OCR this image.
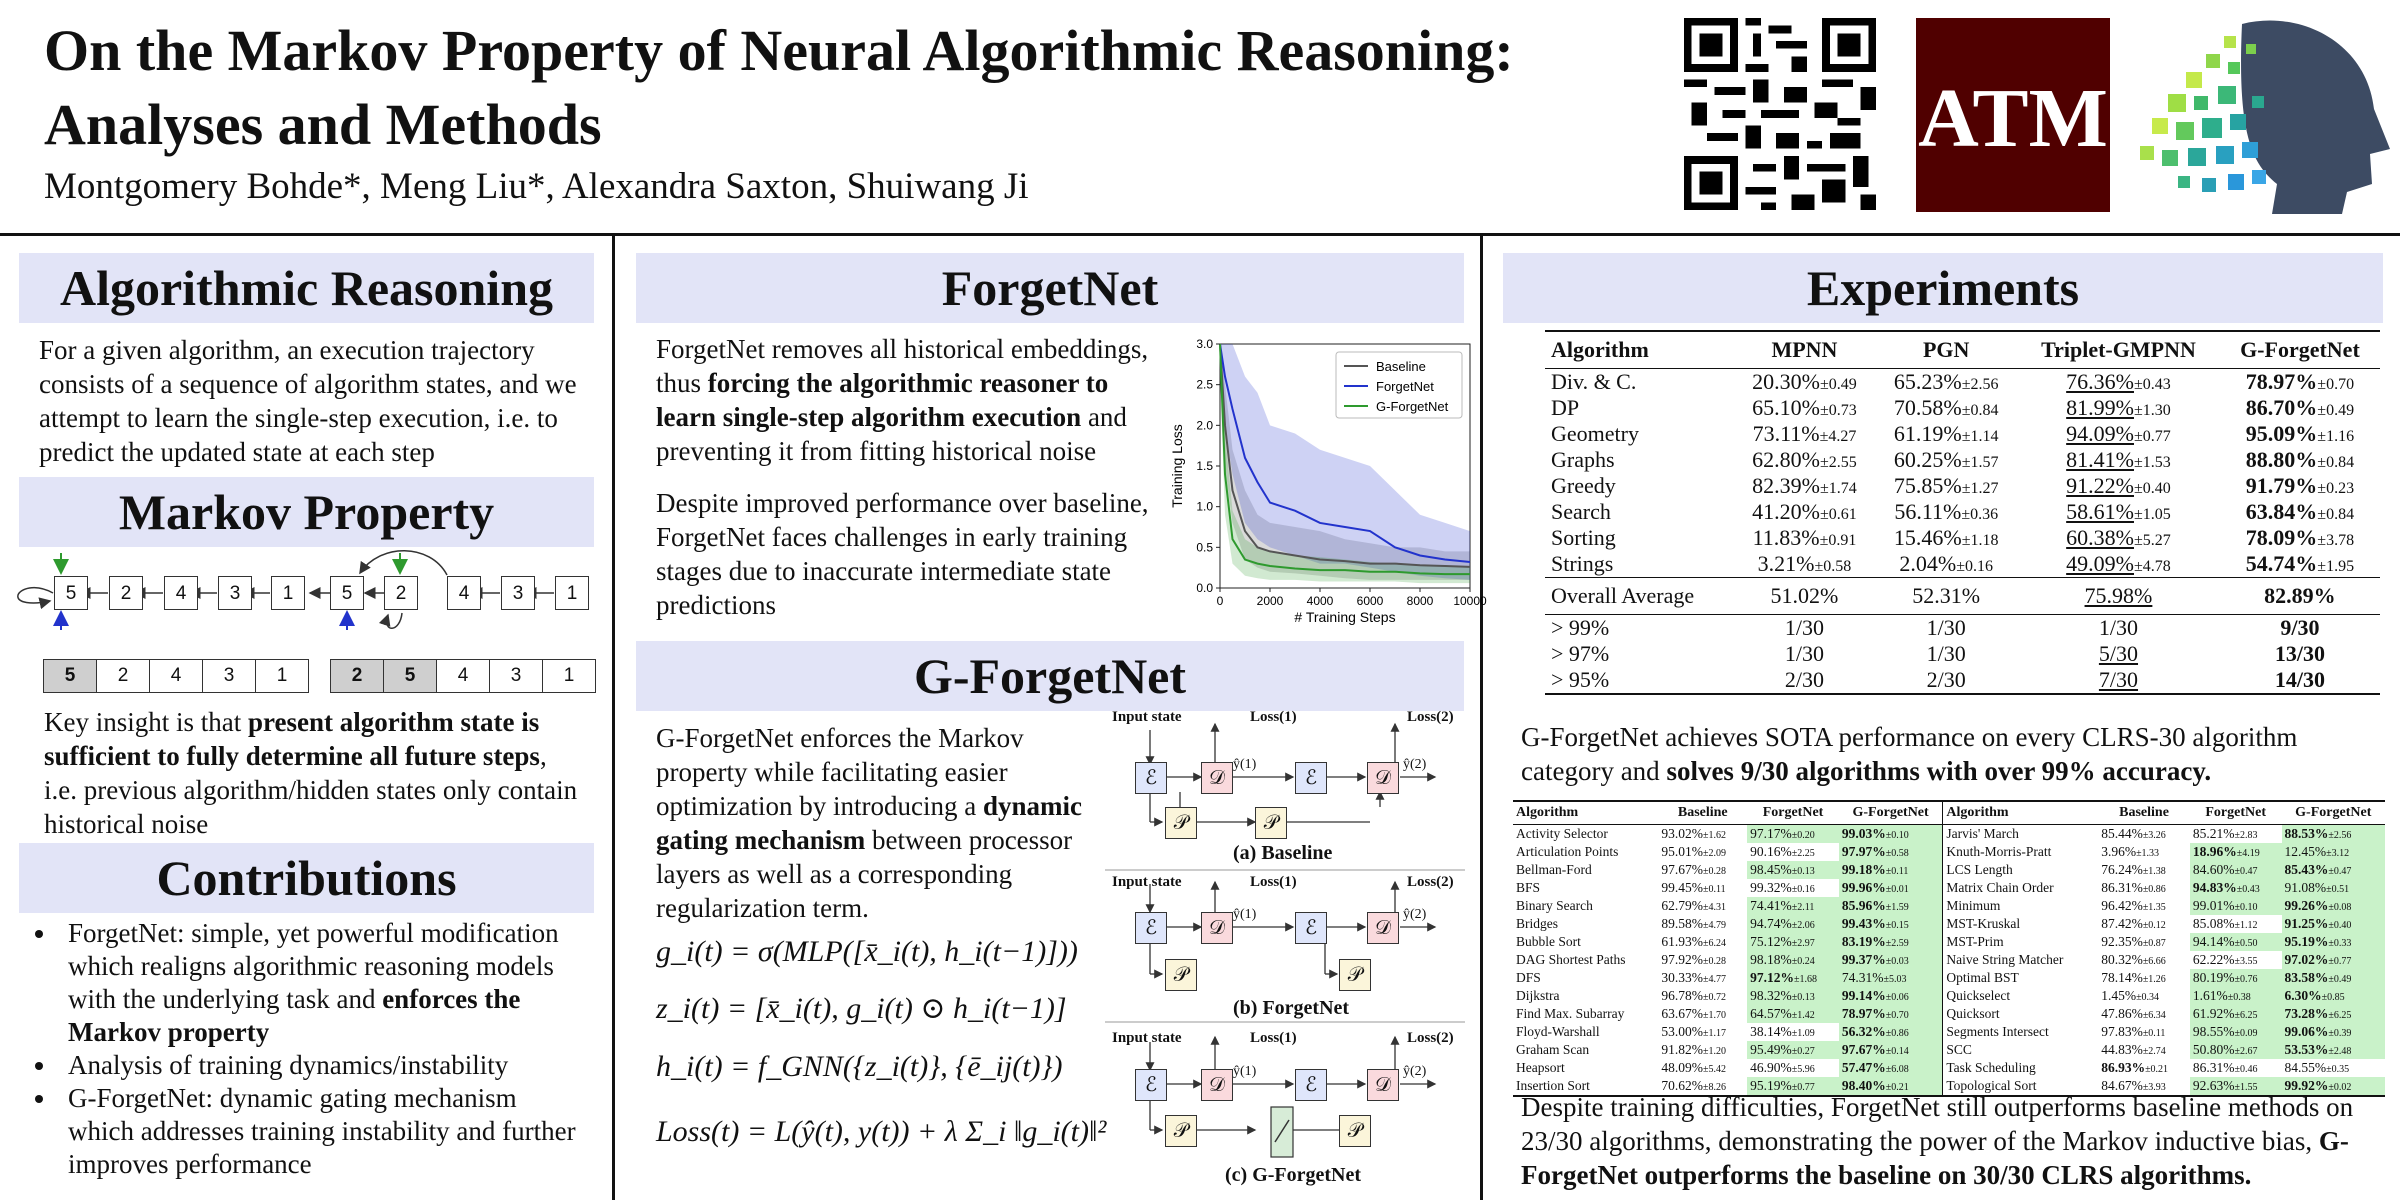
On the Markov Property of Neural Algorithmic Reasoning: Analyses and Methods
Montgomery Bohde*, Meng Liu*, Alexandra Saxton, Shuiwang Ji
ATM
Algorithmic Reasoning
For a given algorithm, an execution trajectory consists of a sequence of algorithm states, and we attempt to learn the single-step execution, i.e. to predict the updated state at each step
Markov Property
5	2	4	3	1	5	2	4	3	1
5	2	4	3	1	2	5	4	3	1
Key insight is that present algorithm state is sufficient to fully determine all future steps, i.e. previous algorithm/hidden states only contain historical noise
Contributions
• ForgetNet: simple, yet powerful modification which realigns algorithmic reasoning models with the underlying task and enforces the Markov property
• Analysis of training dynamics/instability
• G-ForgetNet: dynamic gating mechanism which addresses training instability and further improves performance
ForgetNet
ForgetNet removes all historical embeddings, thus forcing the algorithmic reasoner to learn single-step algorithm execution and preventing it from fitting historical noise
Despite improved performance over baseline, ForgetNet faces challenges in early training stages due to inaccurate intermediate state predictions	0	2000 4000 6000 8000 10000
0.0
0.5
1.0
1.5
2.0
2.5
3.0
# Training Steps
Training Loss
Baseline
ForgetNet
G-ForgetNet
G-ForgetNet
G-ForgetNet enforces the Markov property while facilitating easier optimization by introducing a dynamic gating mechanism between processor layers as well as a corresponding regularization term.
g_i(t) = σ(MLP([x̄_i(t), h_i(t−1)]))
z_i(t) = [x̄_i(t), g_i(t) ⊙ h_i(t−1)]
h_i(t) = f_GNN({z_i(t)}, {ē_ij(t)})
Loss(t) = L(ŷ(t), y(t)) + λ Σ_i ‖g_i(t)‖²
Input state	Loss(1)	Loss(2)
(a) Baseline
Input state	Loss(1)	Loss(2)
(b) ForgetNet
Input state	Loss(1)	Loss(2)
(c) G-ForgetNet
ℰ	𝒟
𝒫
ℰ	𝒟
𝒫
ŷ(1)	ŷ(2)
ℰ	𝒟
𝒫
ℰ	𝒟
𝒫
ŷ(1)	ŷ(2)
ℰ	𝒟
𝒫
ℰ	𝒟
𝒫
ŷ(1)	ŷ(2)
Experiments
Algorithm	MPNN	PGN	Triplet-GMPNN	G-ForgetNet
Div. & C.	20.30%±0.49	65.23%±2.56	76.36%±0.43	78.97%±0.70
DP	65.10%±0.73	70.58%±0.84	81.99%±1.30	86.70%±0.49
Geometry	73.11%±4.27	61.19%±1.14	94.09%±0.77	95.09%±1.16
Graphs	62.80%±2.55	60.25%±1.57	81.41%±1.53	88.80%±0.84
Greedy	82.39%±1.74	75.85%±1.27	91.22%±0.40	91.79%±0.23
Search	41.20%±0.61	56.11%±0.36	58.61%±1.05	63.84%±0.84
Sorting	11.83%±0.91	15.46%±1.18	60.38%±5.27	78.09%±3.78
Strings	3.21%±0.58	2.04%±0.16	49.09%±4.78	54.74%±1.95
Overall Average	51.02%	52.31%	75.98%	82.89%
> 99%	1/30	1/30	1/30	9/30
> 97%	1/30	1/30	5/30	13/30
> 95%	2/30	2/30	7/30	14/30
G-ForgetNet achieves SOTA performance on every CLRS-30 algorithm category and solves 9/30 algorithms with over 99% accuracy.
Algorithm	Baseline	ForgetNet	G-ForgetNet	Algorithm	Baseline	ForgetNet	G-ForgetNet
Activity Selector	93.02%±1.62	97.17%±0.20	99.03%±0.10	Jarvis' March	85.44%±3.26	85.21%±2.83	88.53%±2.56
Articulation Points	95.01%±2.09	90.16%±2.25	97.97%±0.58	Knuth-Morris-Pratt	3.96%±1.33	18.96%±4.19	12.45%±3.12
Bellman-Ford	97.67%±0.28	98.45%±0.13	99.18%±0.11	LCS Length	76.24%±1.38	84.60%±0.47	85.43%±0.47
BFS	99.45%±0.11	99.32%±0.16	99.96%±0.01	Matrix Chain Order	86.31%±0.86	94.83%±0.43	91.08%±0.51
Binary Search	62.79%±4.31	74.41%±2.11	85.96%±1.59	Minimum	96.42%±1.35	99.01%±0.10	99.26%±0.08
Bridges	89.58%±4.79	94.74%±2.06	99.43%±0.15	MST-Kruskal	87.42%±0.12	85.08%±1.12	91.25%±0.40
Bubble Sort	61.93%±6.24	75.12%±2.97	83.19%±2.59	MST-Prim	92.35%±0.87	94.14%±0.50	95.19%±0.33
DAG Shortest Paths	97.92%±0.28	98.18%±0.24	99.37%±0.03	Naive String Matcher	80.32%±6.66	62.22%±3.55	97.02%±0.77
DFS	30.33%±4.77	97.12%±1.68	74.31%±5.03	Optimal BST	78.14%±1.26	80.19%±0.76	83.58%±0.49
Dijkstra	96.78%±0.72	98.32%±0.13	99.14%±0.06	Quickselect	1.45%±0.34	1.61%±0.38	6.30%±0.85
Find Max. Subarray	63.67%±1.70	64.57%±1.42	78.97%±0.70	Quicksort	47.86%±6.34	61.92%±6.25	73.28%±6.25
Floyd-Warshall	53.00%±1.17	38.14%±1.09	56.32%±0.86	Segments Intersect	97.83%±0.11	98.55%±0.09	99.06%±0.39
Graham Scan	91.82%±1.20	95.49%±0.27	97.67%±0.14	SCC	44.83%±2.74	50.80%±2.67	53.53%±2.48
Heapsort	48.09%±5.42	46.90%±5.96	57.47%±6.08	Task Scheduling	86.93%±0.21	86.31%±0.46	84.55%±0.35
Insertion Sort	70.62%±8.26	95.19%±0.77	98.40%±0.21	Topological Sort	84.67%±3.93	92.63%±1.55	99.92%±0.02
Despite training difficulties, ForgetNet still outperforms baseline methods on 23/30 algorithms, demonstrating the power of the Markov inductive bias, G-ForgetNet outperforms the baseline on 30/30 CLRS algorithms.
